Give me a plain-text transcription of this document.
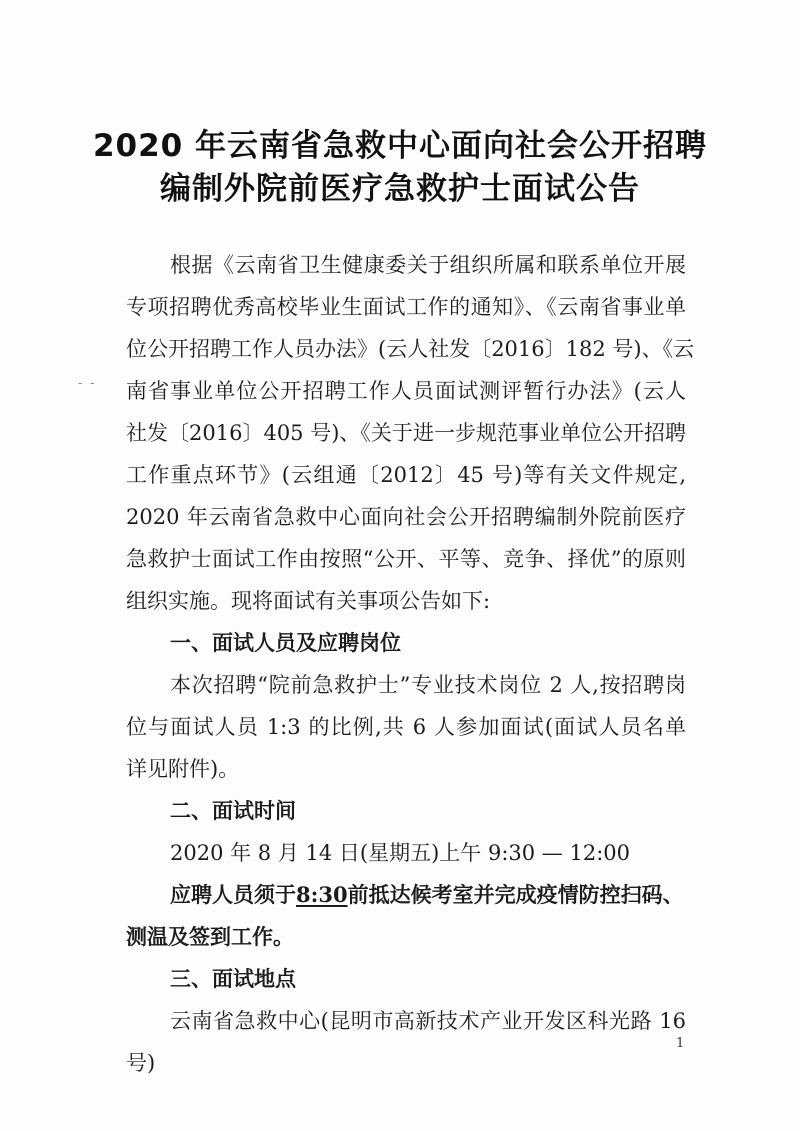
2020 年云南省急救中心面向社会公开招聘
编制外院前医疗急救护士面试公告
- -
根据《云南省卫生健康委关于组织所属和联系单位开展
专项招聘优秀高校毕业生面试工作的通知》、《云南省事业单
位公开招聘工作人员办法》(云人社发〔2016〕182 号)、《云
南省事业单位公开招聘工作人员面试测评暂行办法》(云人
社发〔2016〕405 号)、《关于进一步规范事业单位公开招聘
工作重点环节》(云组通〔2012〕45 号)等有关文件规定,
2020 年云南省急救中心面向社会公开招聘编制外院前医疗
急救护士面试工作由按照“公开、平等、竞争、择优”的原则
组织实施。现将面试有关事项公告如下:
一、面试人员及应聘岗位
本次招聘“院前急救护士”专业技术岗位 2 人,按招聘岗
位与面试人员 1:3 的比例,共 6 人参加面试(面试人员名单
详见附件)。
二、面试时间
2020 年 8 月 14 日(星期五)上午 9:30 — 12:00
应聘人员须于8:30前抵达候考室并完成疫情防控扫码、
测温及签到工作。
三、面试地点
云南省急救中心(昆明市高新技术产业开发区科光路 16
号)
1
